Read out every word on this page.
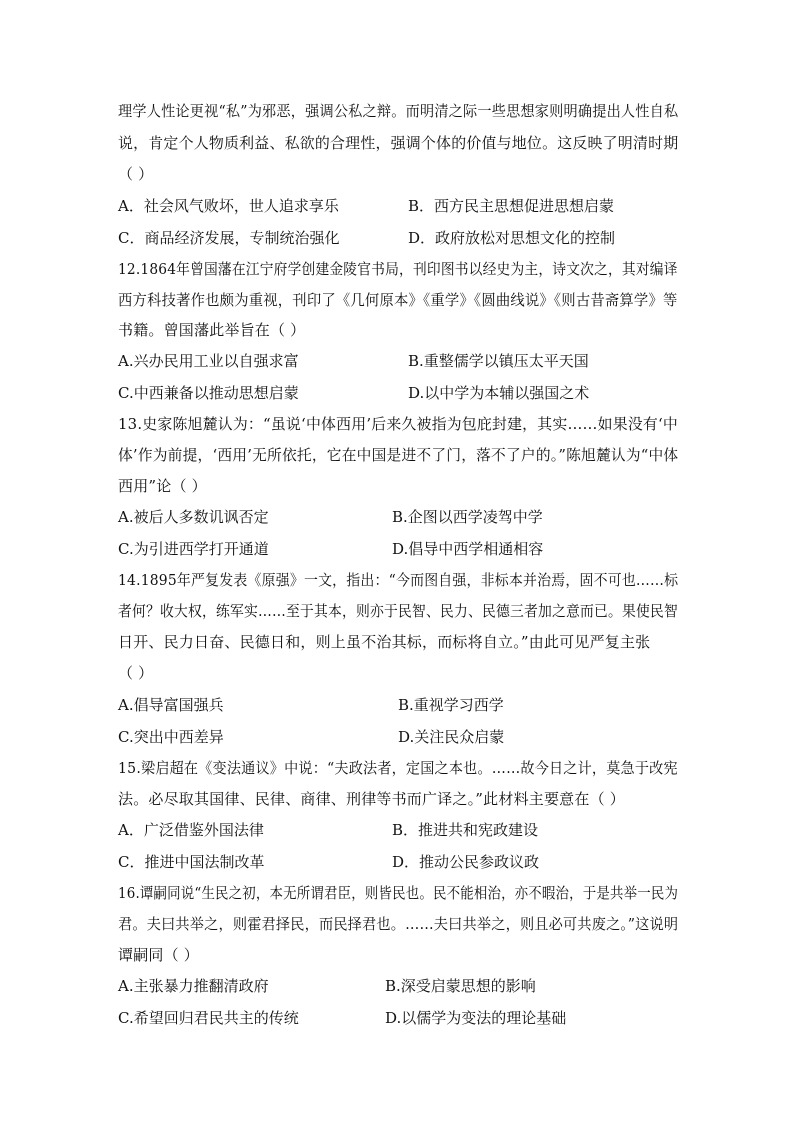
理学人性论更视“私”为邪恶，强调公私之辩。而明清之际一些思想家则明确提出人性自私
说，肯定个人物质利益、私欲的合理性，强调个体的价值与地位。这反映了明清时期
（ ）
A．社会风气败坏，世人追求享乐	B．西方民主思想促进思想启蒙
C．商品经济发展，专制统治强化	D．政府放松对思想文化的控制
12.1864年曾国藩在江宁府学创建金陵官书局，刊印图书以经史为主，诗文次之，其对编译
西方科技著作也颇为重视，刊印了《几何原本》《重学》《圆曲线说》《则古昔斋算学》等
书籍。曾国藩此举旨在（ ）
A.兴办民用工业以自强求富	B.重整儒学以镇压太平天国
C.中西兼备以推动思想启蒙	D.以中学为本辅以强国之术
13.史家陈旭麓认为：“虽说‘中体西用’后来久被指为包庇封建，其实……如果没有‘中
体’作为前提，‘西用’无所依托，它在中国是进不了门，落不了户的。”陈旭麓认为“中体
西用”论（ ）
A.被后人多数讥讽否定	B.企图以西学凌驾中学
C.为引进西学打开通道	D.倡导中西学相通相容
14.1895年严复发表《原强》一文，指出：“今而图自强，非标本并治焉，固不可也……标
者何？收大权，练军实……至于其本，则亦于民智、民力、民德三者加之意而已。果使民智
日开、民力日奋、民德日和，则上虽不治其标，而标将自立。”由此可见严复主张
（ ）
A.倡导富国强兵	B.重视学习西学
C.突出中西差异	D.关注民众启蒙
15.梁启超在《变法通议》中说：“夫政法者，定国之本也。……故今日之计，莫急于改宪
法。必尽取其国律、民律、商律、刑律等书而广译之。”此材料主要意在（ ）
A．广泛借鉴外国法律	B．推进共和宪政建设
C．推进中国法制改革	D．推动公民参政议政
16.谭嗣同说“生民之初，本无所谓君臣，则皆民也。民不能相治，亦不暇治，于是共举一民为
君。夫曰共举之，则霍君择民，而民择君也。……夫曰共举之，则且必可共废之。”这说明
谭嗣同（ ）
A.主张暴力推翻清政府	B.深受启蒙思想的影响
C.希望回归君民共主的传统	D.以儒学为变法的理论基础
